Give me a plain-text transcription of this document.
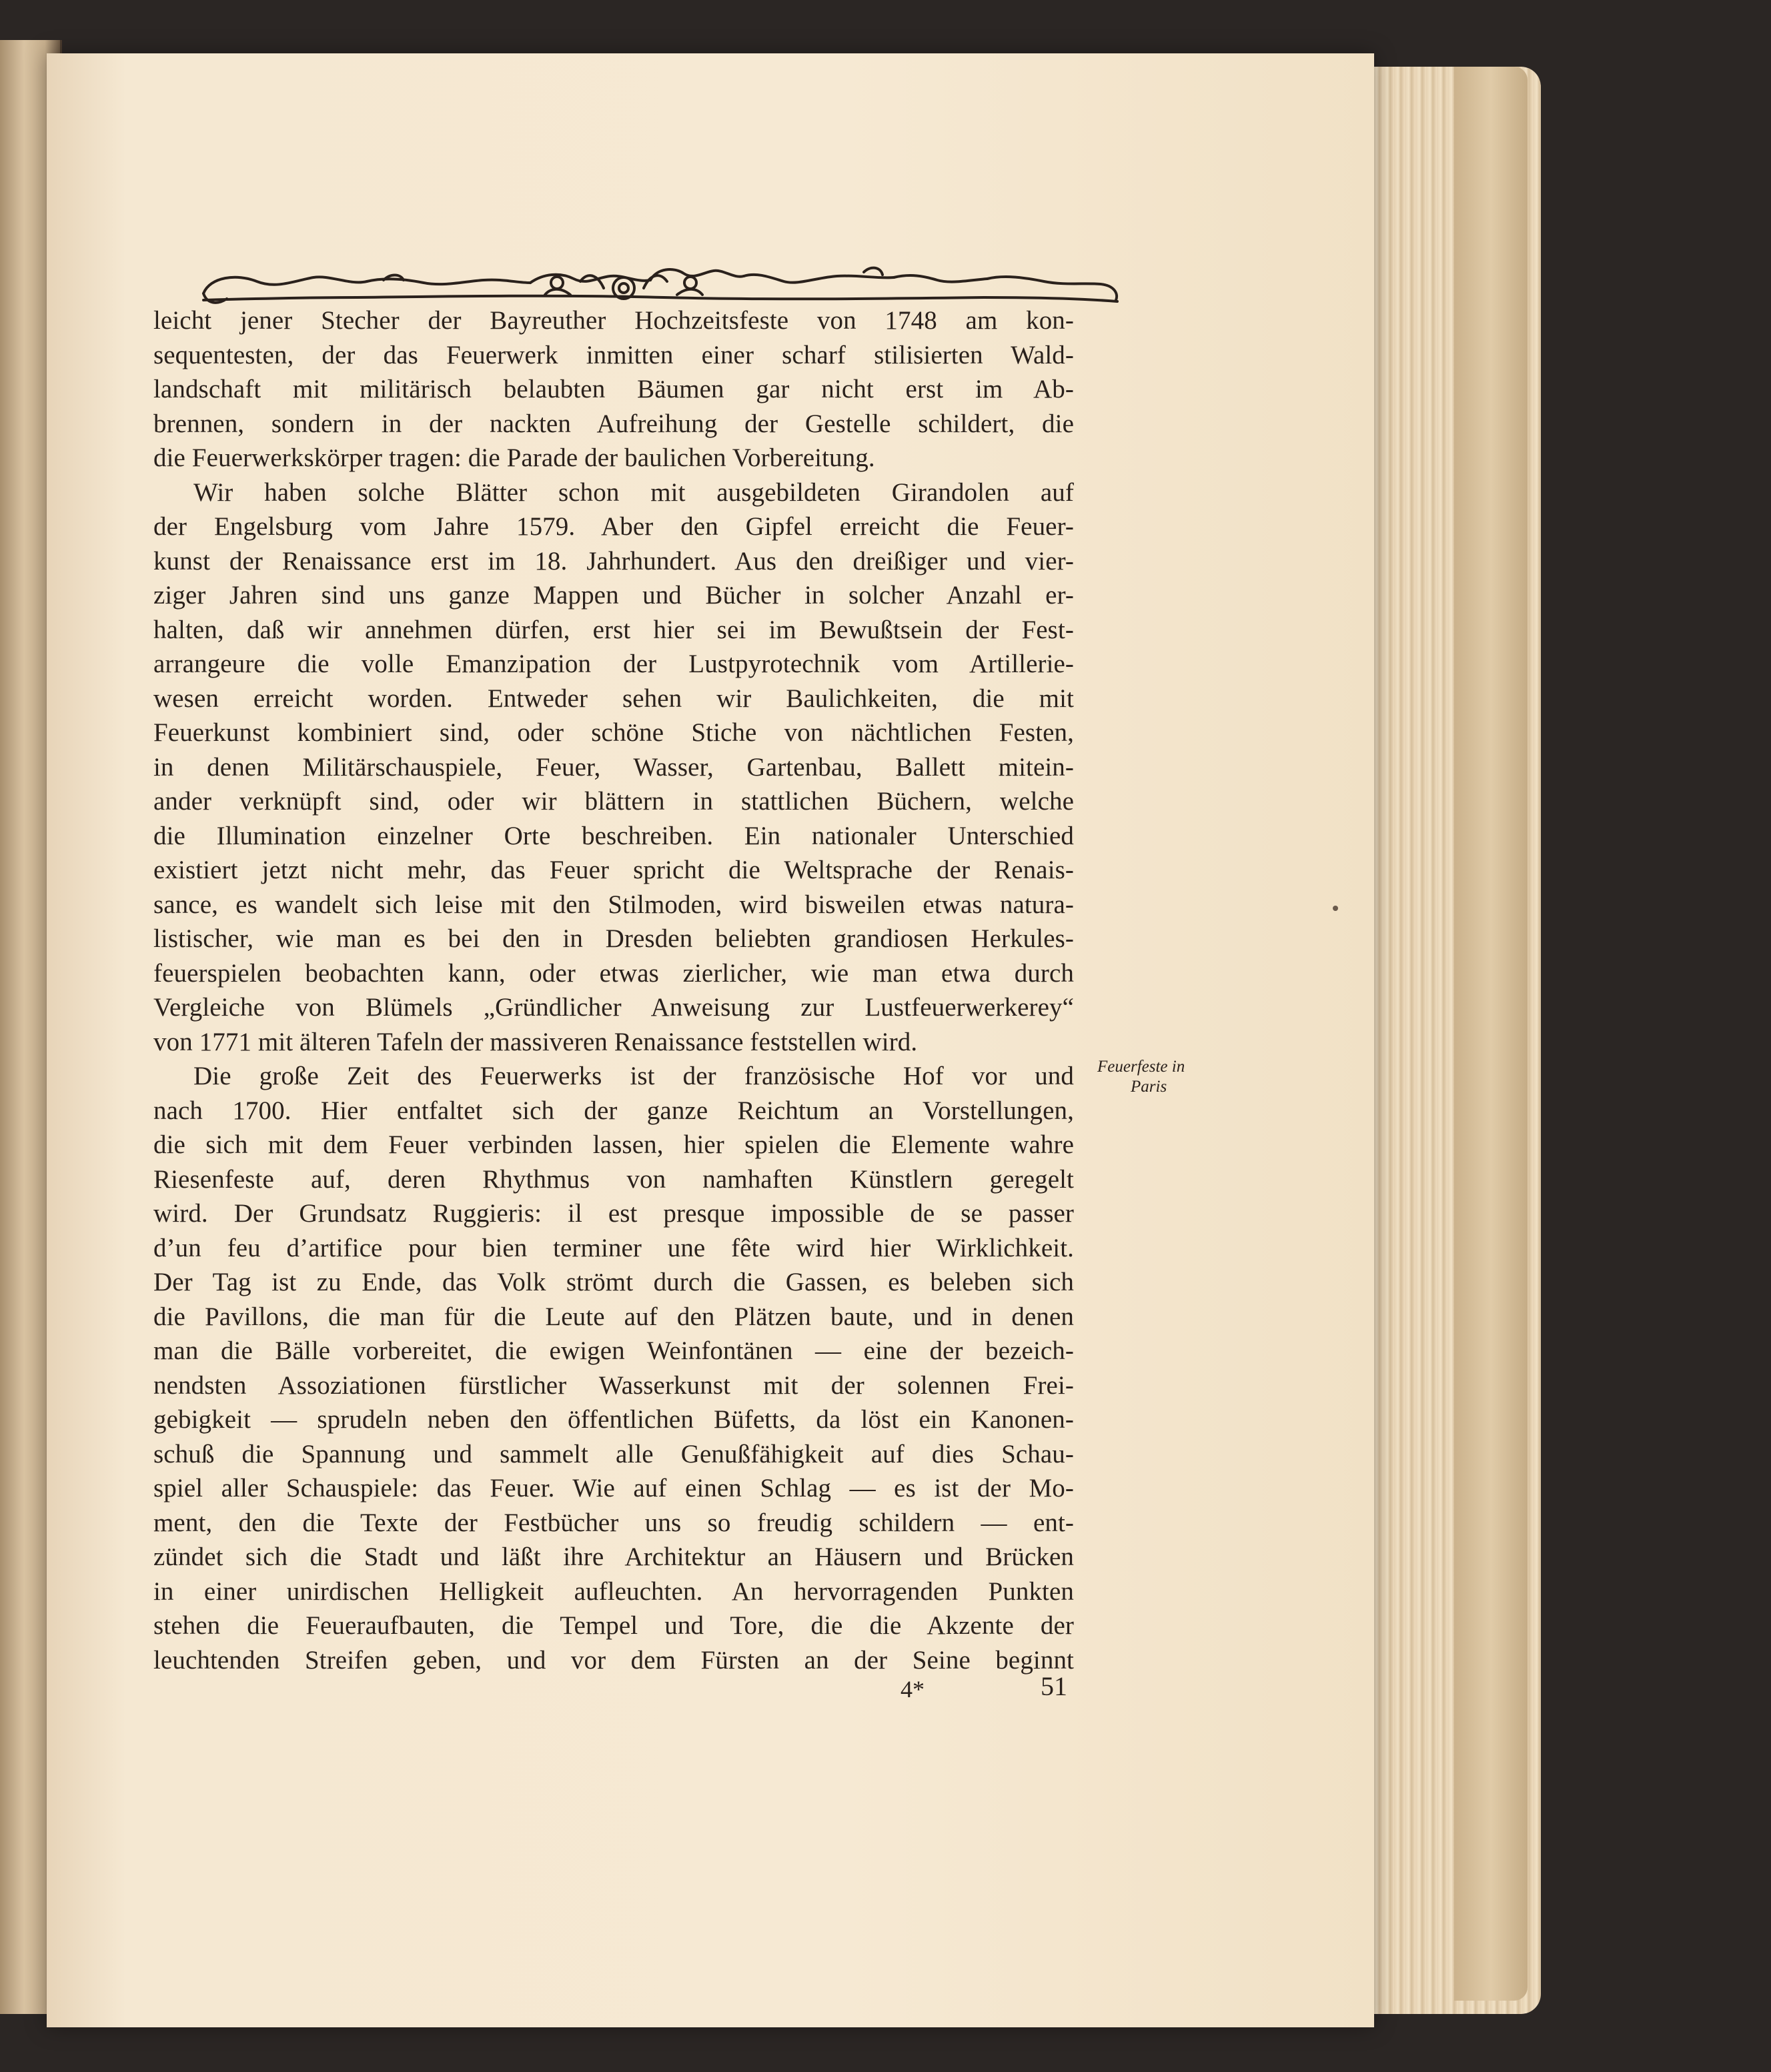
leicht jener Stecher der Bayreuther Hochzeitsfeste von 1748 am kon-
sequentesten, der das Feuerwerk inmitten einer scharf stilisierten Wald-
landschaft mit militärisch belaubten Bäumen gar nicht erst im Ab-
brennen, sondern in der nackten Aufreihung der Gestelle schildert, die
die Feuerwerkskörper tragen: die Parade der baulichen Vorbereitung.
Wir haben solche Blätter schon mit ausgebildeten Girandolen auf
der Engelsburg vom Jahre 1579. Aber den Gipfel erreicht die Feuer-
kunst der Renaissance erst im 18. Jahrhundert. Aus den dreißiger und vier-
ziger Jahren sind uns ganze Mappen und Bücher in solcher Anzahl er-
halten, daß wir annehmen dürfen, erst hier sei im Bewußtsein der Fest-
arrangeure die volle Emanzipation der Lustpyrotechnik vom Artillerie-
wesen erreicht worden. Entweder sehen wir Baulichkeiten, die mit
Feuerkunst kombiniert sind, oder schöne Stiche von nächtlichen Festen,
in denen Militärschauspiele, Feuer, Wasser, Gartenbau, Ballett mitein-
ander verknüpft sind, oder wir blättern in stattlichen Büchern, welche
die Illumination einzelner Orte beschreiben. Ein nationaler Unterschied
existiert jetzt nicht mehr, das Feuer spricht die Weltsprache der Renais-
sance, es wandelt sich leise mit den Stilmoden, wird bisweilen etwas natura-
listischer, wie man es bei den in Dresden beliebten grandiosen Herkules-
feuerspielen beobachten kann, oder etwas zierlicher, wie man etwa durch
Vergleiche von Blümels „Gründlicher Anweisung zur Lustfeuerwerkerey“
von 1771 mit älteren Tafeln der massiveren Renaissance feststellen wird.
Die große Zeit des Feuerwerks ist der französische Hof vor und
nach 1700. Hier entfaltet sich der ganze Reichtum an Vorstellungen,
die sich mit dem Feuer verbinden lassen, hier spielen die Elemente wahre
Riesenfeste auf, deren Rhythmus von namhaften Künstlern geregelt
wird. Der Grundsatz Ruggieris: il est presque impossible de se passer
d’un feu d’artifice pour bien terminer une fête wird hier Wirklichkeit.
Der Tag ist zu Ende, das Volk strömt durch die Gassen, es beleben sich
die Pavillons, die man für die Leute auf den Plätzen baute, und in denen
man die Bälle vorbereitet, die ewigen Weinfontänen — eine der bezeich-
nendsten Assoziationen fürstlicher Wasserkunst mit der solennen Frei-
gebigkeit — sprudeln neben den öffentlichen Büfetts, da löst ein Kanonen-
schuß die Spannung und sammelt alle Genußfähigkeit auf dies Schau-
spiel aller Schauspiele: das Feuer. Wie auf einen Schlag — es ist der Mo-
ment, den die Texte der Festbücher uns so freudig schildern — ent-
zündet sich die Stadt und läßt ihre Architektur an Häusern und Brücken
in einer unirdischen Helligkeit aufleuchten. An hervorragenden Punkten
stehen die Feueraufbauten, die Tempel und Tore, die die Akzente der
leuchtenden Streifen geben, und vor dem Fürsten an der Seine beginnt
Feuerfeste in
Paris
4*	51
